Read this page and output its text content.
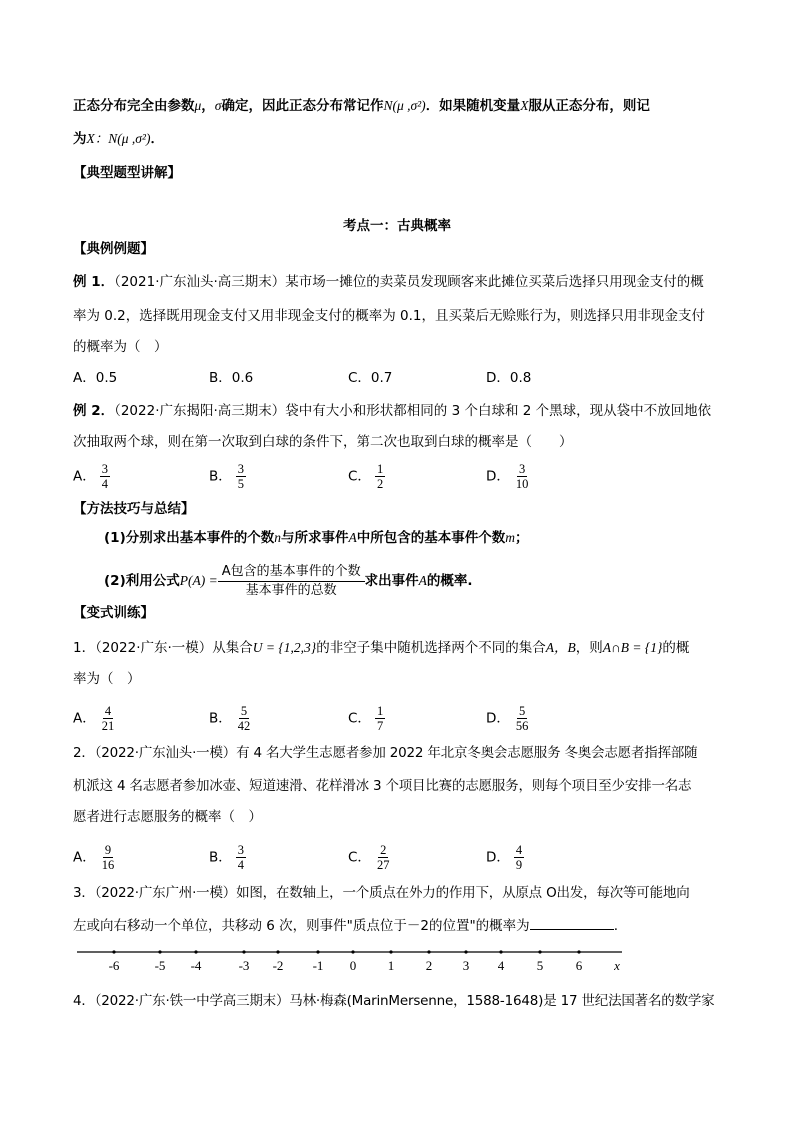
正态分布完全由参数μ，σ确定，因此正态分布常记作N(μ ,σ²)．如果随机变量X服从正态分布，则记
为X：N(μ ,σ²)．
【典型题型讲解】
考点一：古典概率
【典例例题】
例 1．（2021·广东汕头·高三期末）某市场一摊位的卖菜员发现顾客来此摊位买菜后选择只用现金支付的概
率为 0.2，选择既用现金支付又用非现金支付的概率为 0.1，且买菜后无赊账行为，则选择只用非现金支付
的概率为（　）
A．0.5	B．0.6	C．0.7	D．0.8
例 2．（2022·广东揭阳·高三期末）袋中有大小和形状都相同的 3 个白球和 2 个黑球，现从袋中不放回地依
次抽取两个球，则在第一次取到白球的条件下，第二次也取到白球的概率是（　　）
A． $\frac{3}{4}$	B． $\frac{3}{5}$	C． $\frac{1}{2}$	D． $\frac{3}{10}$
【方法技巧与总结】
(1)分别求出基本事件的个数n与所求事件A中所包含的基本事件个数m；
(2)利用公式$P(A) = \frac{\text{A包含的基本事件的个数}}{\text{基本事件的总数}}$ 求出事件A的概率.
【变式训练】
1．（2022·广东·一模）从集合U = {1,2,3}的非空子集中随机选择两个不同的集合A，B，则A∩B = {1}的概
率为（　）
A． $\frac{4}{21}$	B． $\frac{5}{42}$	C． $\frac{1}{7}$	D． $\frac{5}{56}$
2．（2022·广东汕头·一模）有 4 名大学生志愿者参加 2022 年北京冬奥会志愿服务 冬奥会志愿者指挥部随
机派这 4 名志愿者参加冰壶、短道速滑、花样滑冰 3 个项目比赛的志愿服务，则每个项目至少安排一名志
愿者进行志愿服务的概率（　）
A． $\frac{9}{16}$	B． $\frac{3}{4}$	C． $\frac{2}{27}$	D． $\frac{4}{9}$
3．（2022·广东广州·一模）如图，在数轴上，一个质点在外力的作用下，从原点 O出发，每次等可能地向
左或向右移动一个单位，共移动 6 次，则事件"质点位于－2的位置"的概率为	.
-6	-5 -4	-3 -2 -1 0 1 2 3 4	5	6 x
4．（2022·广东·铁一中学高三期末）马林·梅森(MarinMersenne，1588-1648)是 17 世纪法国著名的数学家
